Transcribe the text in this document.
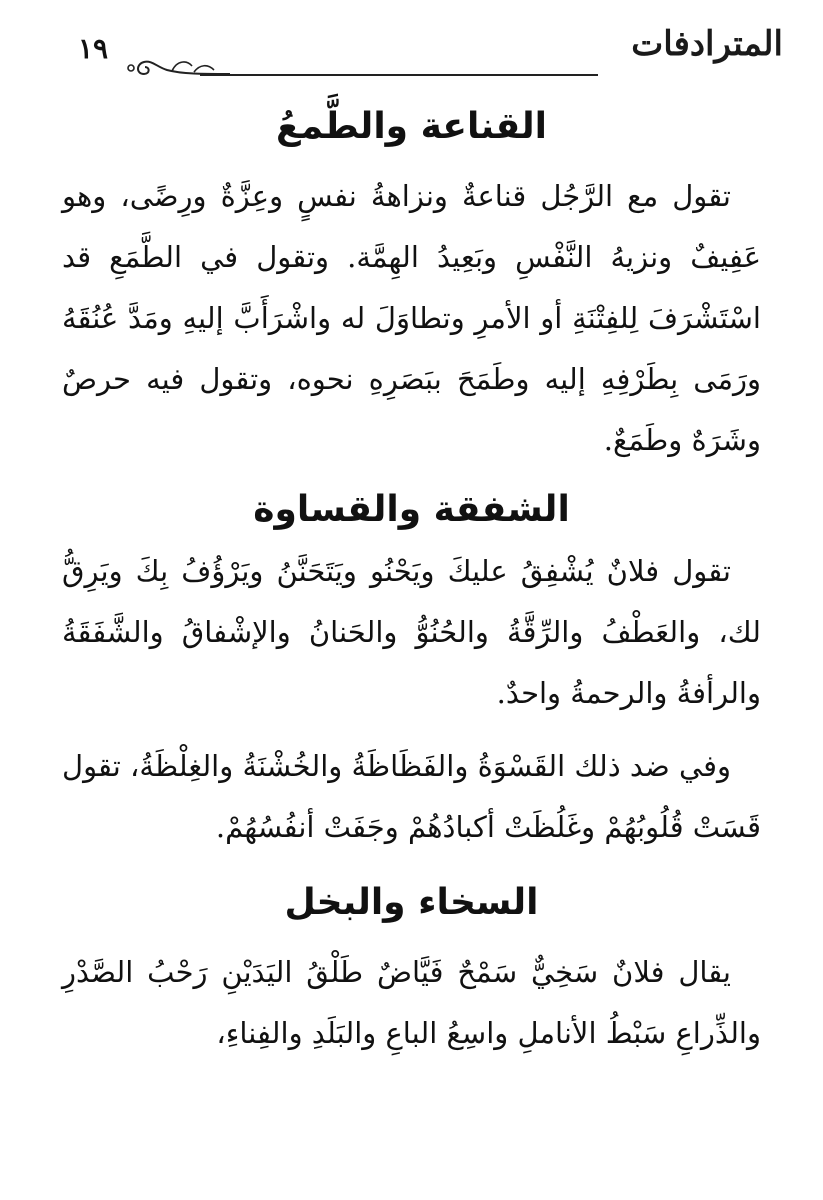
المترادفات
١٩
القناعة والطَّمعُ

تقول مع الرَّجُل قناعةٌ ونزاهةُ نفسٍ وعِزَّةٌ ورِضًى، وهو عَفِيفٌ ونزيهُ النَّفْسِ وبَعِيدُ الهِمَّة. وتقول في الطَّمَعِ قد اسْتَشْرَفَ لِلفِتْنَةِ أو الأمرِ وتطاوَلَ له واشْرَأَبَّ إليهِ ومَدَّ عُنُقَهُ ورَمَى بِطَرْفِهِ إليه وطَمَحَ ببَصَرِهِ نحوه، وتقول فيه حرصٌ وشَرَهٌ وطَمَعٌ.

الشفقة والقساوة

تقول فلانٌ يُشْفِقُ عليكَ ويَحْنُو ويَتَحَنَّنُ ويَرْؤُفُ بِكَ ويَرِقُّ لك، والعَطْفُ والرِّقَّةُ والحُنُوُّ والحَنانُ والإشْفاقُ والشَّفَقَةُ والرأفةُ والرحمةُ واحدٌ.

وفي ضد ذلك القَسْوَةُ والفَظَاظَةُ والخُشْنَةُ والغِلْظَةُ، تقول قَسَتْ قُلُوبُهُمْ وغَلُظَتْ أكبادُهُمْ وجَفَتْ أنفُسُهُمْ.

السخاء والبخل

يقال فلانٌ سَخِيٌّ سَمْحٌ فَيَّاضٌ طَلْقُ اليَدَيْنِ رَحْبُ الصَّدْرِ والذِّراعِ سَبْطُ الأناملِ واسِعُ الباعِ والبَلَدِ والفِناءِ،
